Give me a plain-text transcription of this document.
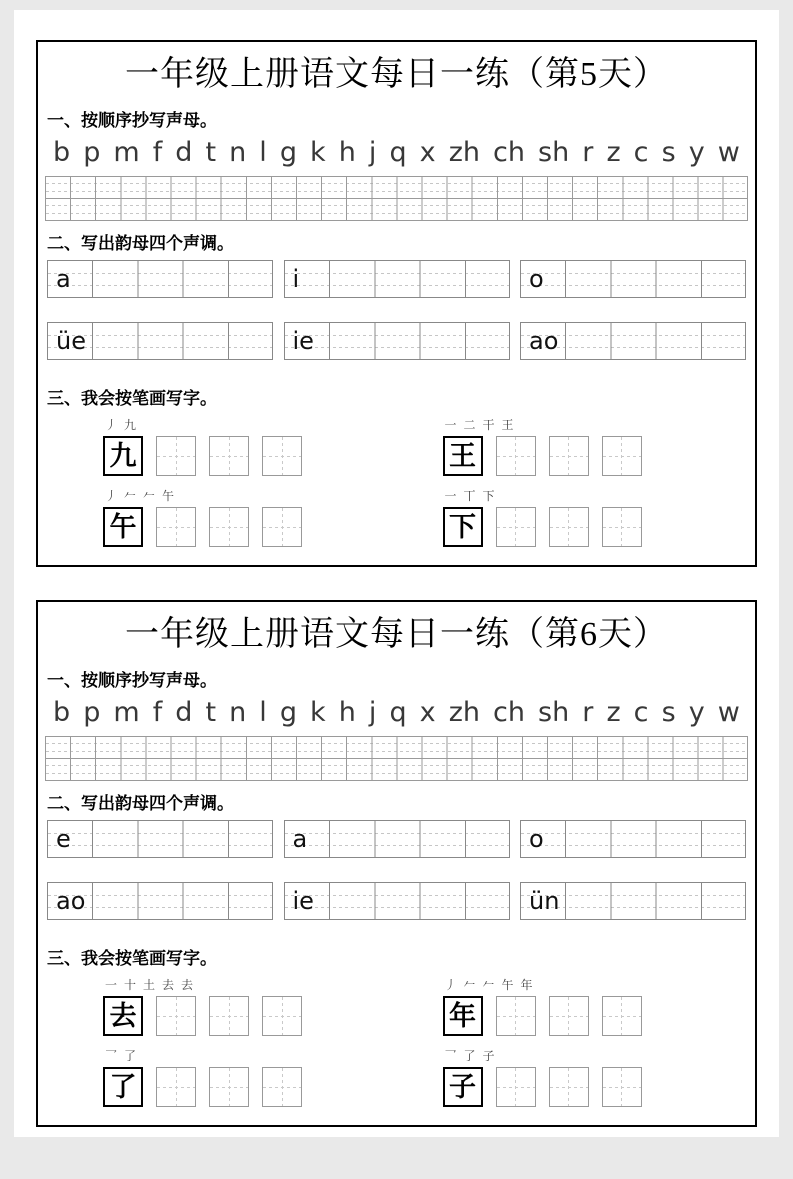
一年级上册语文每日一练（第5天）
一、按顺序抄写声母。
b p m f d t n l g k h j q x zh ch sh r z c s y w
二、写出韵母四个声调。
a	i	o
üe	ie	ao
三、我会按笔画写字。
丿九
九
一二干王
王
丿𠂉𠂉午
午
一丅下
下
一年级上册语文每日一练（第6天）
一、按顺序抄写声母。
b p m f d t n l g k h j q x zh ch sh r z c s y w
二、写出韵母四个声调。
e	a	o
ao	ie	ün
三、我会按笔画写字。
一十土去去
去
丿𠂉𠂉午年
年
乛了
了
乛了子
子
